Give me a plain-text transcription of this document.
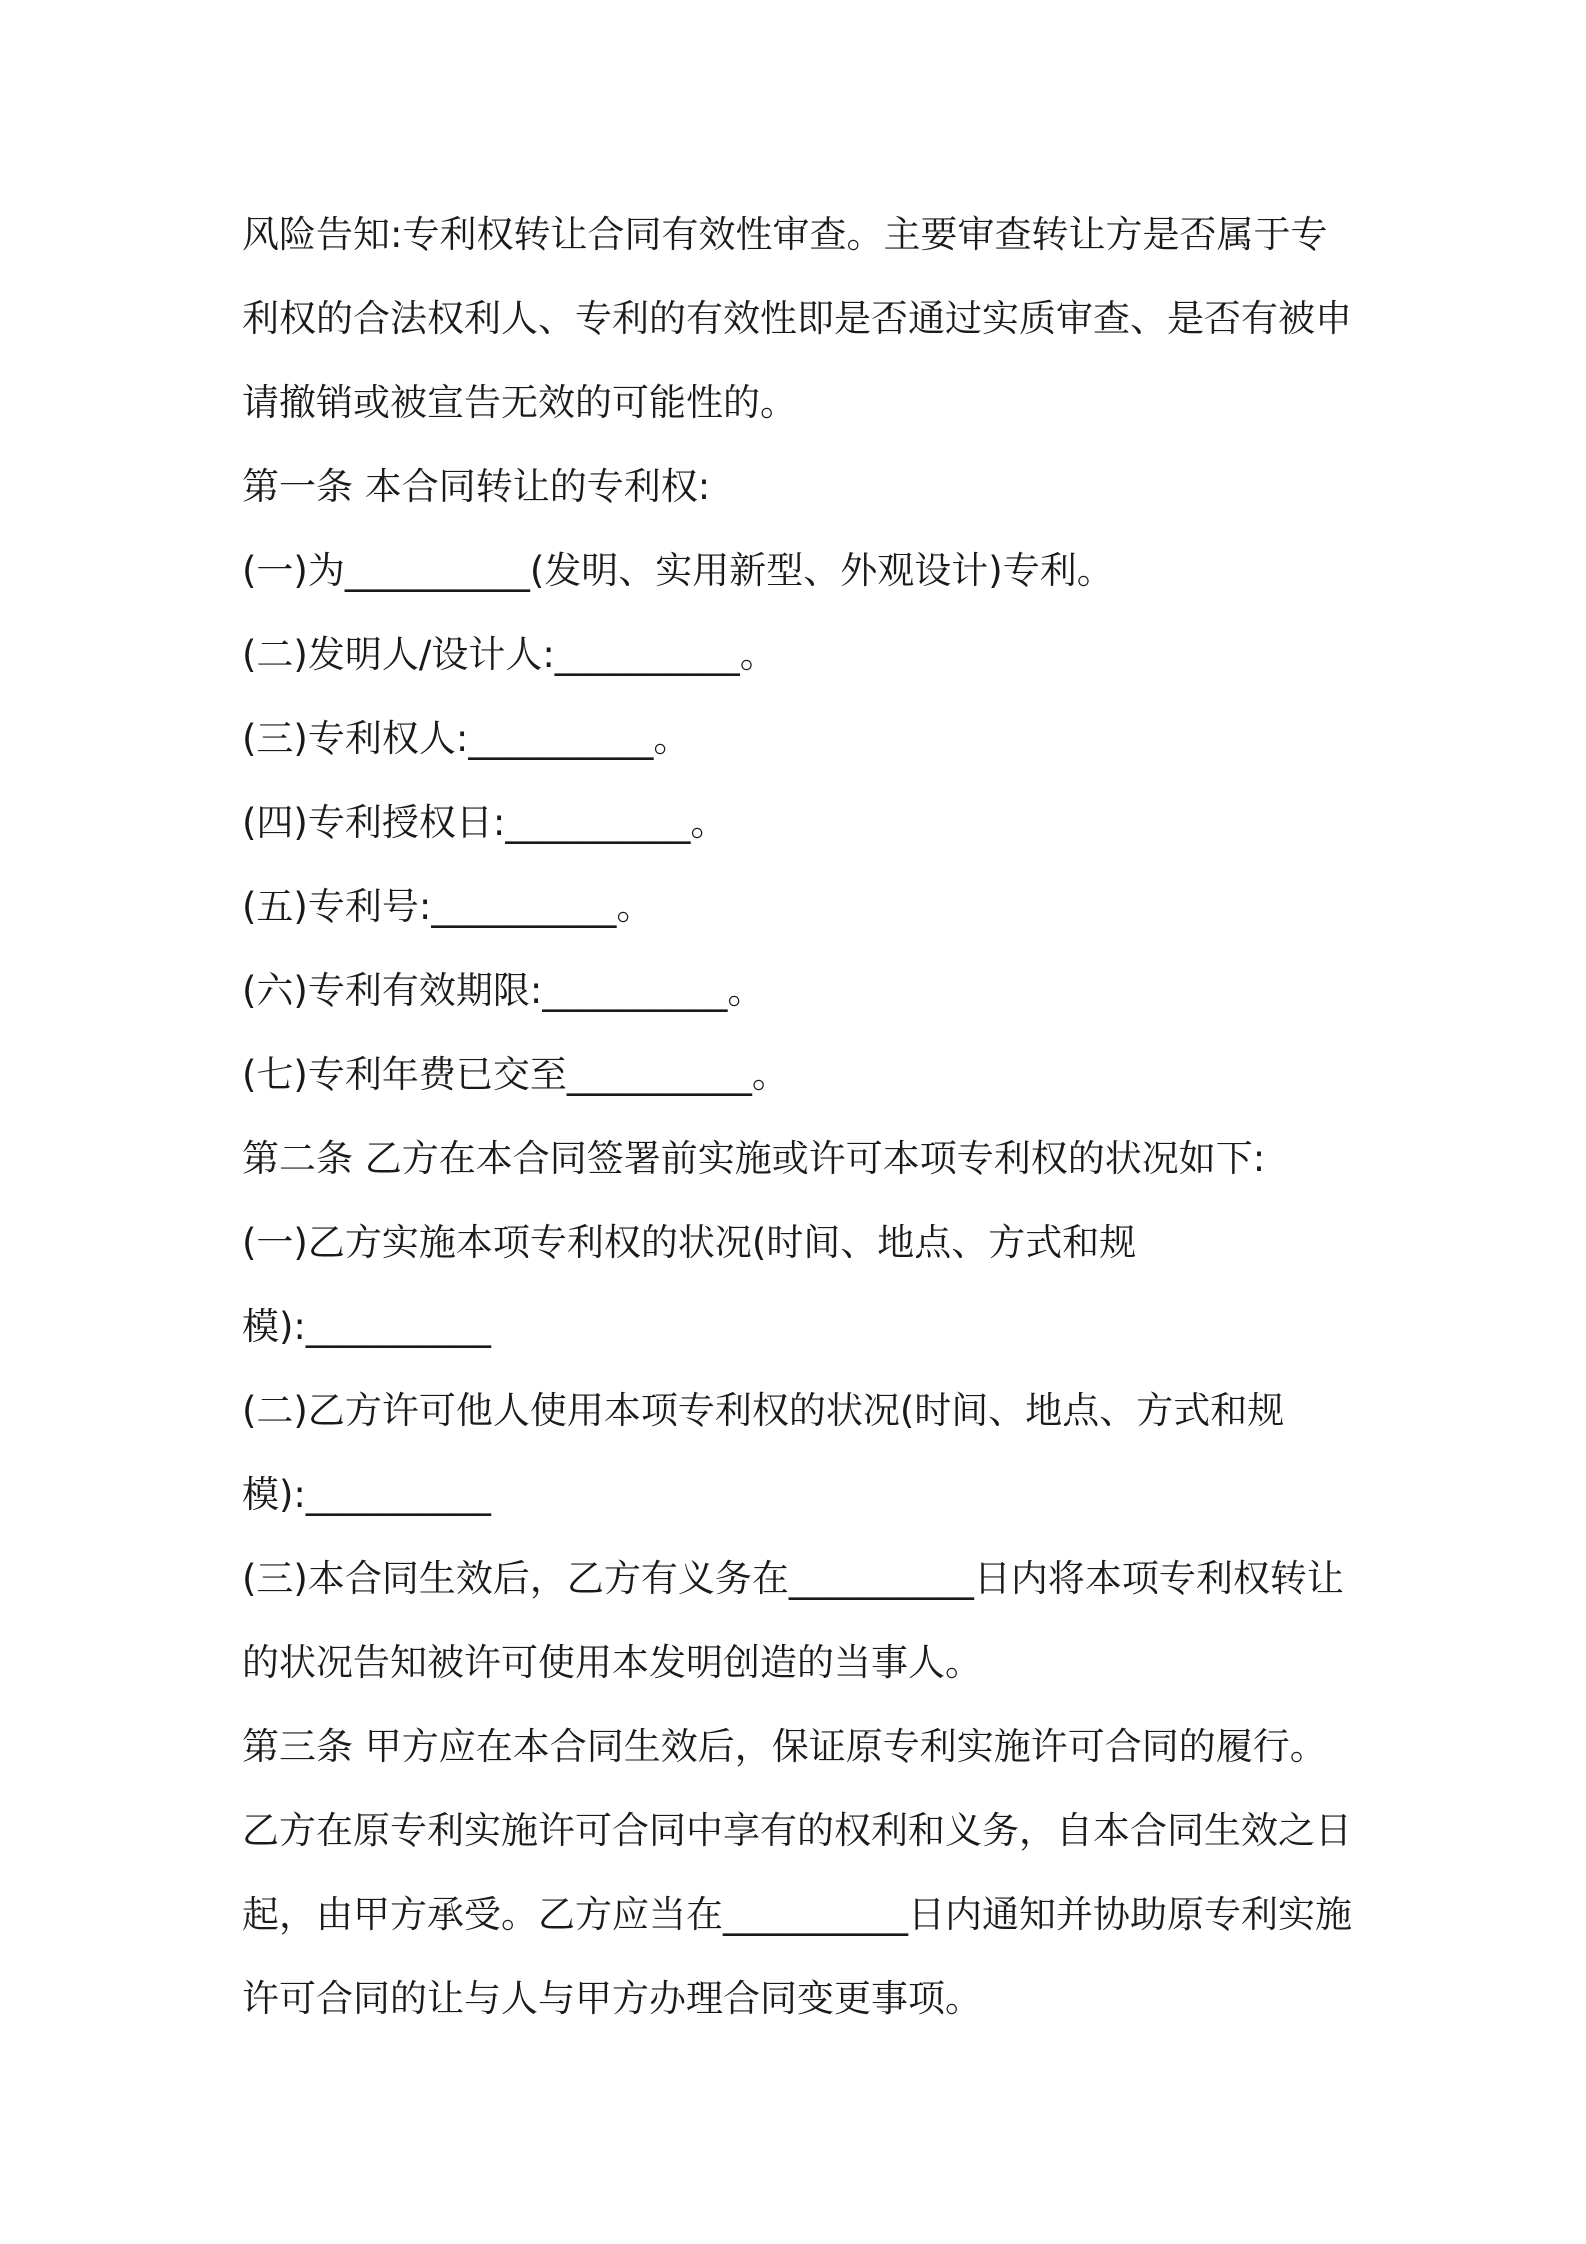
风险告知:专利权转让合同有效性审查。主要审查转让方是否属于专
利权的合法权利人、专利的有效性即是否通过实质审查、是否有被申
请撤销或被宣告无效的可能性的。
第一条 本合同转让的专利权:
(一)为__________(发明、实用新型、外观设计)专利。
(二)发明人/设计人:__________。
(三)专利权人:__________。
(四)专利授权日:__________。
(五)专利号:__________。
(六)专利有效期限:__________。
(七)专利年费已交至__________。
第二条 乙方在本合同签署前实施或许可本项专利权的状况如下:
(一)乙方实施本项专利权的状况(时间、地点、方式和规
模):__________
(二)乙方许可他人使用本项专利权的状况(时间、地点、方式和规
模):__________
(三)本合同生效后，乙方有义务在__________日内将本项专利权转让
的状况告知被许可使用本发明创造的当事人。
第三条 甲方应在本合同生效后，保证原专利实施许可合同的履行。
乙方在原专利实施许可合同中享有的权利和义务，自本合同生效之日
起，由甲方承受。乙方应当在__________日内通知并协助原专利实施
许可合同的让与人与甲方办理合同变更事项。
